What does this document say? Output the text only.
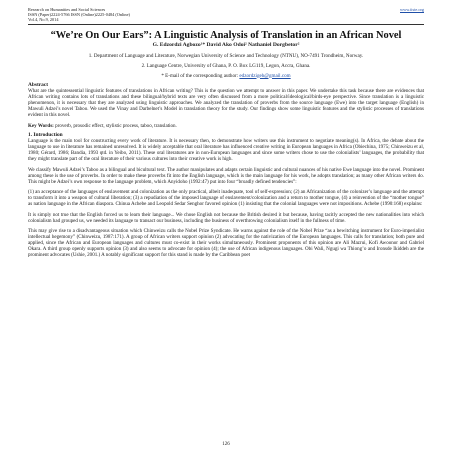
Research on Humanities and Social Sciences
ISSN (Paper)2224-5766 ISSN (Online)2225-0484 (Online)
Vol.4, No.9, 2014
www.iiste.org
“We’re On Our Ears”: A Linguistic Analysis of Translation in an African Novel
G. Edzordzi Agbozo¹* David Ako Odoi² Nathaniel Dorgbetor²
1. Department of Language and Literature, Norwegian University of Science and Technology (NTNU), NO-7491 Trondheim, Norway.
2. Language Centre, University of Ghana, P. O. Box LG119, Legon, Accra, Ghana.
* E-mail of the corresponding author: edzordzigeh@gmail.com
Abstract

What are the quintessential linguistic features of translations in African writing? This is the question we attempt to answer in this paper. We undertake this task because there are evidences that African writing contains lots of translations and these bilingual/hybrid texts are very often discussed from a more political/ideological/birds-eye perspective. Since translation is a linguistic phenomenon, it is necessary that they are analyzed using linguistic approaches. We analyzed the translation of proverbs from the source language (Ewe) into the target language (English) in Mawuli Adzei’s novel Taboo. We used the Vinay and Darbelnet’s Model in translation theory for the study. Our findings show some linguistic features and the stylistic processes of translations evident in this novel.

Key Words: proverb, prosodic effect, stylistic process, taboo, translation.
1. Introduction

Language is the main tool for constructing every work of literature. It is necessary then, to demonstrate how writers use this instrument to negotiate meaning(s). In Africa, the debate about the language to use in literature has remained unresolved. It is widely acceptable that oral literature has influenced creative writing in European languages in Africa (Obiechina, 1975; Chinweizu et al, 1980; Gérard, 1986; Bandia, 1993 qtd. in Yeibo, 2011). These oral literatures are in non-European languages and since some writers chose to use the colonialists’ languages, the probability that they might translate part of the oral literature of their various cultures into their creative work is high.

We classify Mawuli Adzei’s Taboo as a bilingual and bicultural text. The author manipulates and adapts certain linguistic and cultural nuances of his native Ewe language into the novel. Prominent among these is the use of proverbs. In order to make these proverbs fit into the English language, which is the main language for his work, he adopts translation; as many other African writers do. This might be Adzei’s own response to the language problem, which Anyidoho (1992:47) put into four “broadly defined tendencies”:

(1) an acceptance of the languages of enslavement and colonization as the only practical, albeit inadequate, tool of self-expression; (2) an Africanization of the colonizer’s language and the attempt to transform it into a weapon of cultural liberation; (3) a repudiation of the imposed language of enslavement/colonization and a return to mother tongue, (4) a reinvention of the “mother tongue” as nation language in the African diaspora. Chinua Achebe and Leopold Sedar Senghor favored opinion (1) insisting that the colonial languages were not impositions. Achebe (1990:168) explains:

It is simply not true that the English forced us to learn their language... We chose English not because the British desired it but because, having tacitly accepted the new nationalities into which colonialism had grouped us, we needed its language to transact our business, including the business of overthrowing colonialism itself in the fullness of time.

This may give rise to a disadvantageous situation which Chinweizu calls the Nobel Prize Syndicate. He warns against the role of the Nobel Prize “as a bewitching instrument for Euro-imperialist intellectual hegemony” (Chinweizu, 1987:171). A group of African writers support opinion (2) advocating for the nativization of the European languages. This calls for translation; both pure and applied, since the African and European languages and cultures must co-exist in their works simultaneously. Prominent proponents of this opinion are Ali Mazrui, Kofi Awoonor and Gabriel Okara. A third group openly supports opinion (3) and also seems to advocate for opinion (4); the use of African indigenous languages. Obi Wali, Ngugi wa Thiong’o and Ironsde Ikiddeh are the prominent advocates (Ushie, 2001.) A notably significant support for this stand is made by the Caribbean poet

126
